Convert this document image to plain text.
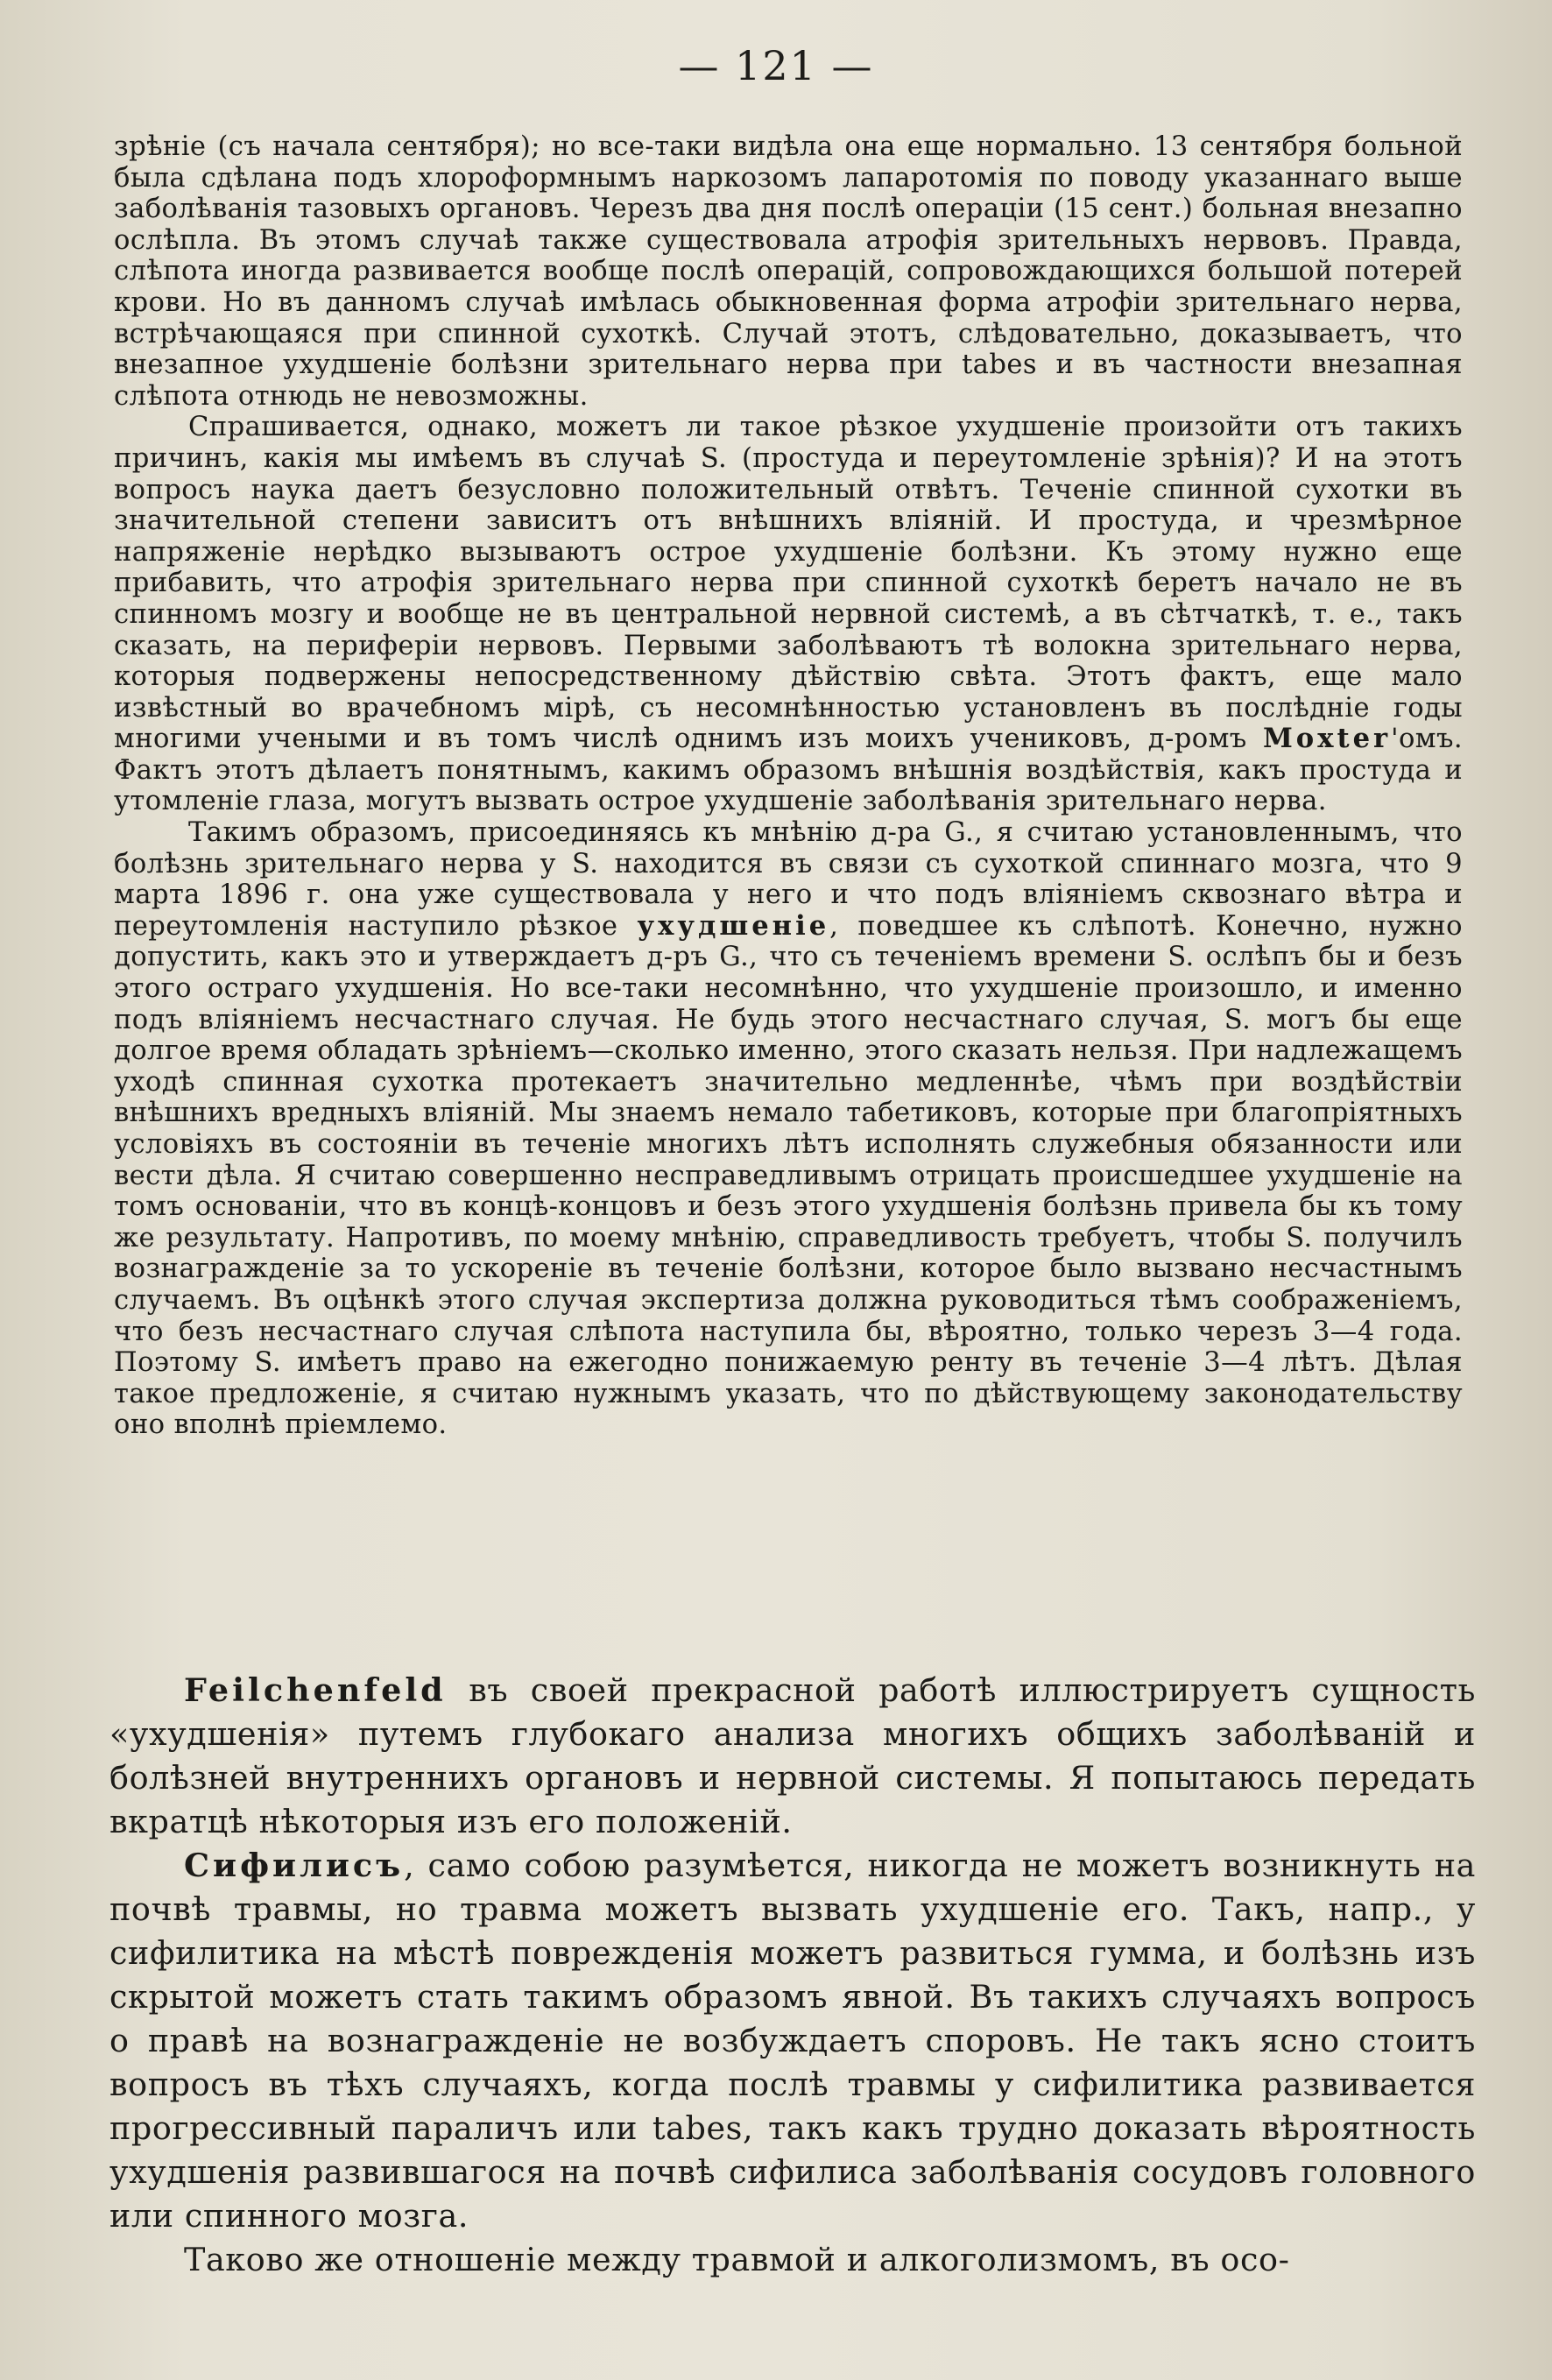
— 121 —

зрѣніе (съ начала сентября); но все-таки видѣла она еще нормально. 13 сентября больной была сдѣлана подъ хлороформнымъ наркозомъ лапаротомія по поводу указаннаго выше заболѣванія тазовыхъ органовъ. Черезъ два дня послѣ операціи (15 сент.) больная внезапно ослѣпла. Въ этомъ случаѣ также существовала атрофія зрительныхъ нервовъ. Правда, слѣпота иногда развивается вообще послѣ операцій, сопровождающихся большой потерей крови. Но въ данномъ случаѣ имѣлась обыкновенная форма атрофіи зрительнаго нерва, встрѣчающаяся при спинной сухоткѣ. Случай этотъ, слѣдовательно, доказываетъ, что внезапное ухудшеніе болѣзни зрительнаго нерва при tabes и въ частности внезапная слѣпота отнюдь не невозможны.

Спрашивается, однако, можетъ ли такое рѣзкое ухудшеніе произойти отъ такихъ причинъ, какія мы имѣемъ въ случаѣ S. (простуда и переутомленіе зрѣнія)? И на этотъ вопросъ наука даетъ безусловно положительный отвѣтъ. Теченіе спинной сухотки въ значительной степени зависитъ отъ внѣшнихъ вліяній. И простуда, и чрезмѣрное напряженіе нерѣдко вызываютъ острое ухудшеніе болѣзни. Къ этому нужно еще прибавить, что атрофія зрительнаго нерва при спинной сухоткѣ беретъ начало не въ спинномъ мозгу и вообще не въ центральной нервной системѣ, а въ сѣтчаткѣ, т. е., такъ сказать, на периферіи нервовъ. Первыми заболѣваютъ тѣ волокна зрительнаго нерва, которыя подвержены непосредственному дѣйствію свѣта. Этотъ фактъ, еще мало извѣстный во врачебномъ мірѣ, съ несомнѣнностью установленъ въ послѣдніе годы многими учеными и въ томъ числѣ однимъ изъ моихъ учениковъ, д-ромъ Mохter'омъ. Фактъ этотъ дѣлаетъ понятнымъ, какимъ образомъ внѣшнія воздѣйствія, какъ простуда и утомленіе глаза, могутъ вызвать острое ухудшеніе заболѣванія зрительнаго нерва.

Такимъ образомъ, присоединяясь къ мнѣнію д-ра G., я считаю установленнымъ, что болѣзнь зрительнаго нерва у S. находится въ связи съ сухоткой спиннаго мозга, что 9 марта 1896 г. она уже существовала у него и что подъ вліяніемъ сквознаго вѣтра и переутомленія наступило рѣзкое ухудшеніе, поведшее къ слѣпотѣ. Конечно, нужно допустить, какъ это и утверждаетъ д-ръ G., что съ теченіемъ времени S. ослѣпъ бы и безъ этого остраго ухудшенія. Но все-таки несомнѣнно, что ухудшеніе произошло, и именно подъ вліяніемъ несчастнаго случая. Не будь этого несчастнаго случая, S. могъ бы еще долгое время обладать зрѣніемъ—сколько именно, этого сказать нельзя. При надлежащемъ уходѣ спинная сухотка протекаетъ значительно медленнѣе, чѣмъ при воздѣйствіи внѣшнихъ вредныхъ вліяній. Мы знаемъ немало табетиковъ, которые при благопріятныхъ условіяхъ въ состояніи въ теченіе многихъ лѣтъ исполнять служебныя обязанности или вести дѣла. Я считаю совершенно несправедливымъ отрицать происшедшее ухудшеніе на томъ основаніи, что въ концѣ-концовъ и безъ этого ухудшенія болѣзнь привела бы къ тому же результату. Напротивъ, по моему мнѣнію, справедливость требуетъ, чтобы S. получилъ вознагражденіе за то ускореніе въ теченіе болѣзни, которое было вызвано несчастнымъ случаемъ. Въ оцѣнкѣ этого случая экспертиза должна руководиться тѣмъ соображеніемъ, что безъ несчастнаго случая слѣпота наступила бы, вѣроятно, только черезъ 3—4 года. Поэтому S. имѣетъ право на ежегодно понижаемую ренту въ теченіе 3—4 лѣтъ. Дѣлая такое предложеніе, я считаю нужнымъ указать, что по дѣйствующему законодательству оно вполнѣ пріемлемо.

Feilchenfeld въ своей прекрасной работѣ иллюстрируетъ сущность «ухудшенія» путемъ глубокаго анализа многихъ общихъ заболѣваній и болѣзней внутреннихъ органовъ и нервной системы. Я попытаюсь передать вкратцѣ нѣкоторыя изъ его положеній.

Сифилисъ, само собою разумѣется, никогда не можетъ возникнуть на почвѣ травмы, но травма можетъ вызвать ухудшеніе его. Такъ, напр., у сифилитика на мѣстѣ поврежденія можетъ развиться гумма, и болѣзнь изъ скрытой можетъ стать такимъ образомъ явной. Въ такихъ случаяхъ вопросъ о правѣ на вознагражденіе не возбуждаетъ споровъ. Не такъ ясно стоитъ вопросъ въ тѣхъ случаяхъ, когда послѣ травмы у сифилитика развивается прогрессивный параличъ или tabes, такъ какъ трудно доказать вѣроятность ухудшенія развившагося на почвѣ сифилиса заболѣванія сосудовъ головного или спинного мозга.

Таково же отношеніе между травмой и алкоголизмомъ, въ осо-
